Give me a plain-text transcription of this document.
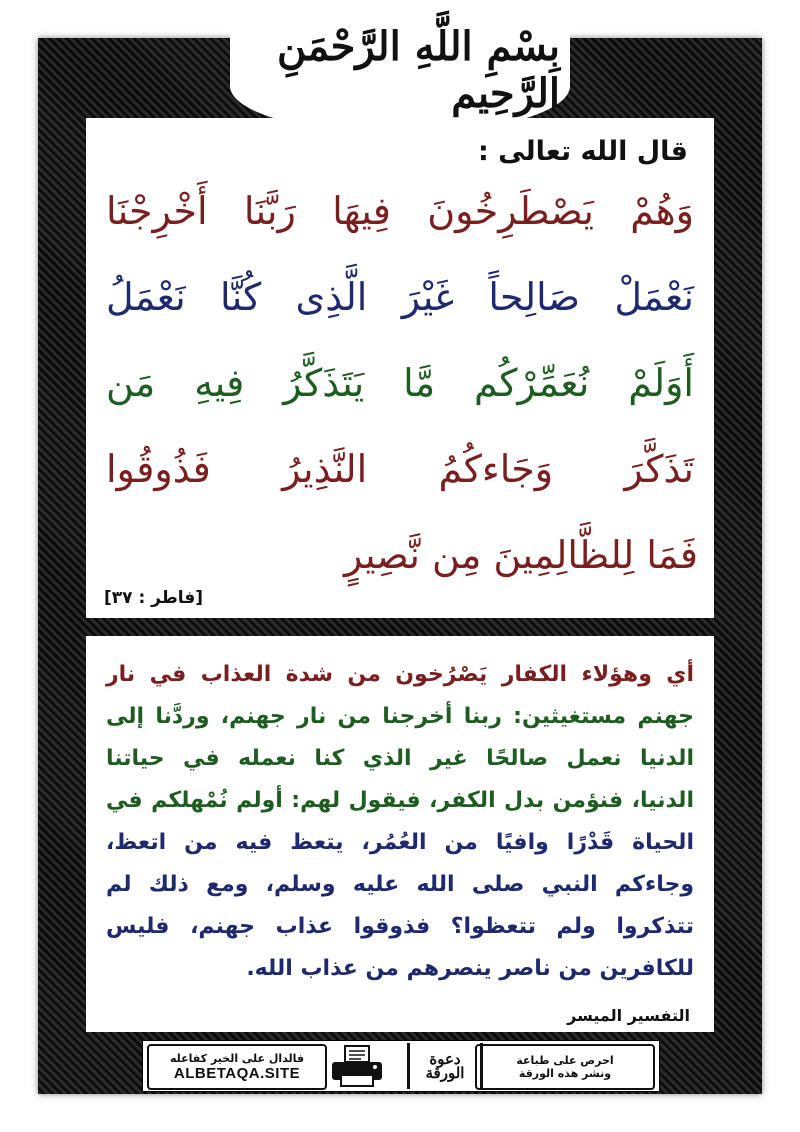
بِسْمِ اللَّهِ الرَّحْمَنِ الرَّحِيمِ
قال الله تعالى :
وَهُمْ يَصْطَرِخُونَ فِيهَا رَبَّنَا أَخْرِجْنَا
نَعْمَلْ صَالِحاً غَيْرَ الَّذِى كُنَّا نَعْمَلُ
أَوَلَمْ نُعَمِّرْكُم مَّا يَتَذَكَّرُ فِيهِ مَن
تَذَكَّرَ وَجَاءكُمُ النَّذِيرُ فَذُوقُوا
فَمَا لِلظَّالِمِينَ مِن نَّصِيرٍ
[فاطر : ٣٧]
أي وهؤلاء الكفار يَصْرُخون من شدة العذاب في نار
جهنم مستغيثين: ربنا أخرجنا من نار جهنم، وردَّنا إلى
الدنيا نعمل صالحًا غير الذي كنا نعمله في حياتنا
الدنيا، فنؤمن بدل الكفر، فيقول لهم: أولم نُمْهلكم في
الحياة قَدْرًا وافيًا من العُمُر، يتعظ فيه من اتعظ،
وجاءكم النبي صلى الله عليه وسلم، ومع ذلك لم
تتذكروا ولم تتعظوا؟ فذوقوا عذاب جهنم، فليس
للكافرين من ناصر ينصرهم من عذاب الله.
التفسير الميسر
فالدال على الخير كفاعله
ALBETAQA.SITE
دعوة الورقة
احرص على طباعة
ونشر هذه الورقة
